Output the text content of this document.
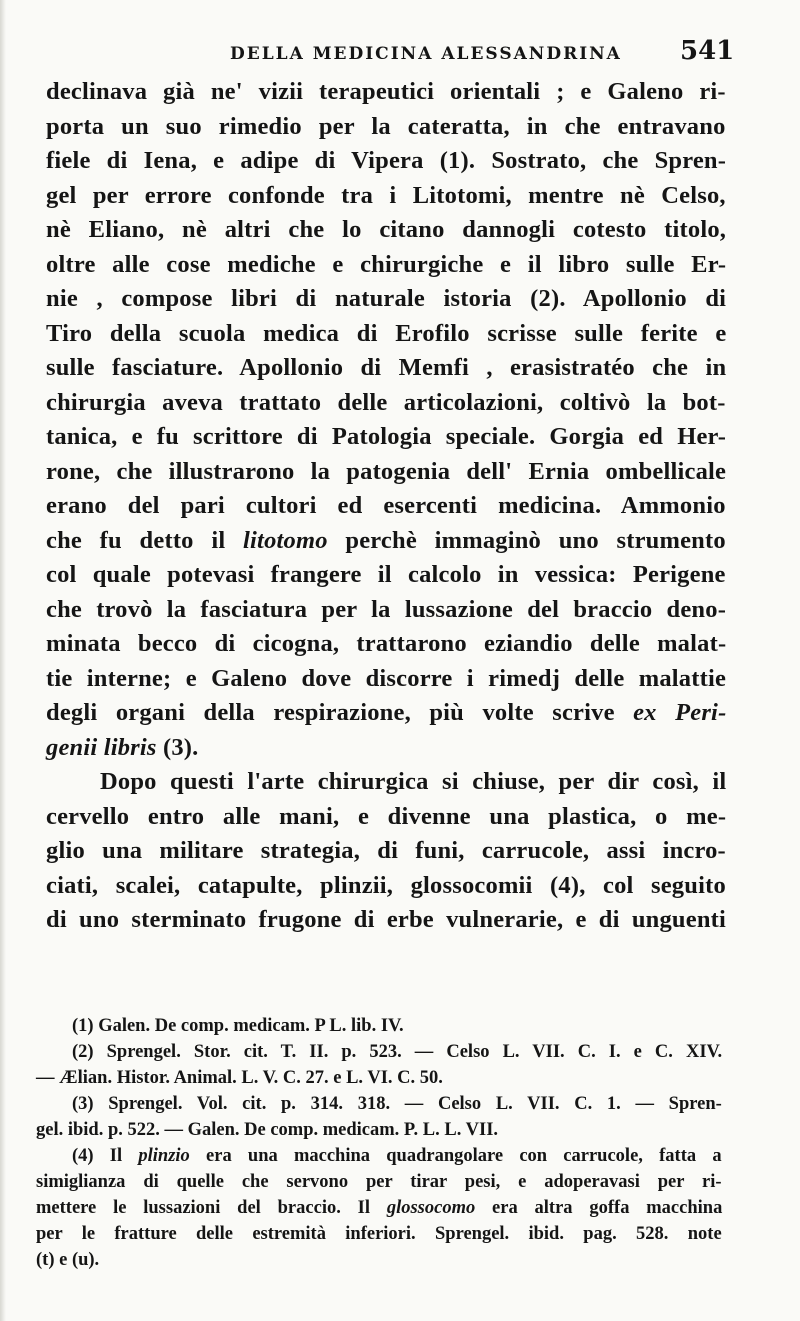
DELLA MEDICINA ALESSANDRINA 541
declinava già ne' vizii terapeutici orientali ; e Galeno ri-
porta un suo rimedio per la cateratta, in che entravano
fiele di Iena, e adipe di Vipera (1). Sostrato, che Spren-
gel per errore confonde tra i Litotomi, mentre nè Celso,
nè Eliano, nè altri che lo citano dannogli cotesto titolo,
oltre alle cose mediche e chirurgiche e il libro sulle Er-
nie , compose libri di naturale istoria (2). Apollonio di
Tiro della scuola medica di Erofilo scrisse sulle ferite e
sulle fasciature. Apollonio di Memfi , erasistratéo che in
chirurgia aveva trattato delle articolazioni, coltivò la bot-
tanica, e fu scrittore di Patologia speciale. Gorgia ed Her-
rone, che illustrarono la patogenia dell' Ernia ombellicale
erano del pari cultori ed esercenti medicina. Ammonio
che fu detto il litotomo perchè immaginò uno strumento
col quale potevasi frangere il calcolo in vessica: Perigene
che trovò la fasciatura per la lussazione del braccio deno-
minata becco di cicogna, trattarono eziandio delle malat-
tie interne; e Galeno dove discorre i rimedj delle malattie
degli organi della respirazione, più volte scrive ex Peri-
genii libris (3).
Dopo questi l'arte chirurgica si chiuse, per dir così, il
cervello entro alle mani, e divenne una plastica, o me-
glio una militare strategia, di funi, carrucole, assi incro-
ciati, scalei, catapulte, plinzii, glossocomii (4), col seguito
di uno sterminato frugone di erbe vulnerarie, e di unguenti
(1) Galen. De comp. medicam. P L. lib. IV.
(2) Sprengel. Stor. cit. T. II. p. 523. — Celso L. VII. C. I. e C. XIV.
— Ælian. Histor. Animal. L. V. C. 27. e L. VI. C. 50.
(3) Sprengel. Vol. cit. p. 314. 318. — Celso L. VII. C. 1. — Spren-
gel. ibid. p. 522. — Galen. De comp. medicam. P. L. L. VII.
(4) Il plinzio era una macchina quadrangolare con carrucole, fatta a
simiglianza di quelle che servono per tirar pesi, e adoperavasi per ri-
mettere le lussazioni del braccio. Il glossocomo era altra goffa macchina
per le fratture delle estremità inferiori. Sprengel. ibid. pag. 528. note
(t) e (u).
